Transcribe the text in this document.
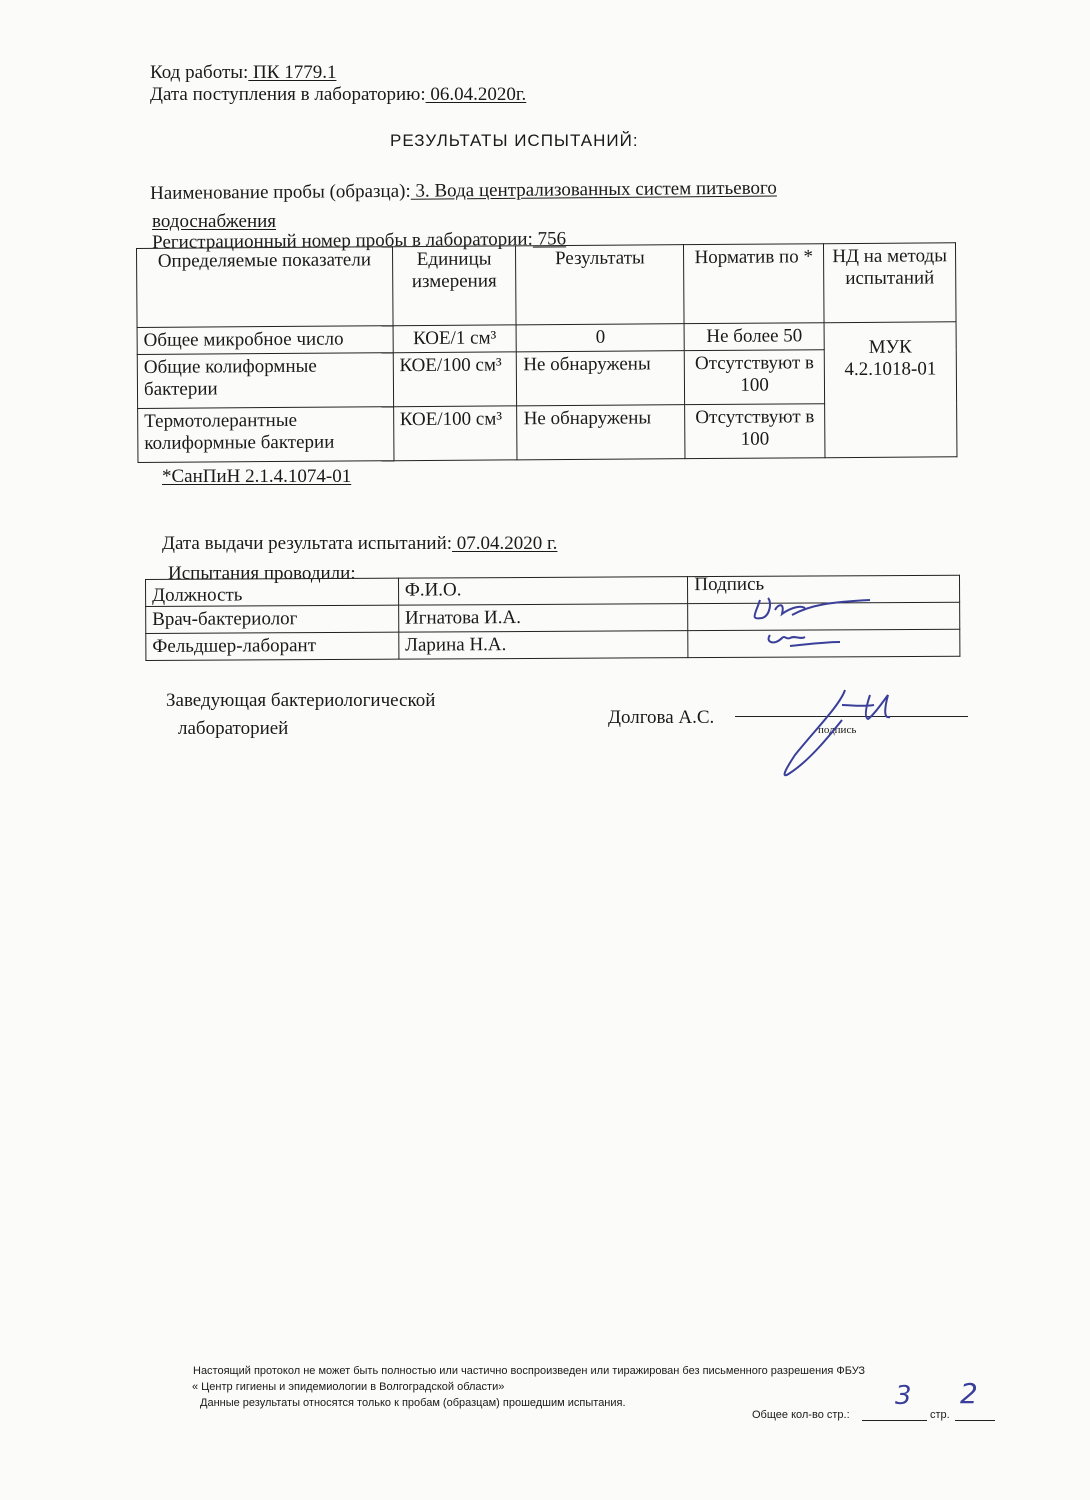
Код работы: ПК 1779.1
Дата поступления в лабораторию: 06.04.2020г.
РЕЗУЛЬТАТЫ ИСПЫТАНИЙ:
Наименование пробы (образца): 3. Вода централизованных систем питьевого
водоснабжения
Регистрационный номер пробы в лаборатории: 756
Определяемые показатели	Единицы измерения	Результаты	Норматив по *	НД на методы испытаний
Общее микробное число	КОЕ/1 см³	0	Не более 50	МУК 4.2.1018-01

Общие колиформные бактерии	КОЕ/100 см³	Не обнаружены	Отсутствуют в 100	
Термотолерантные колиформные бактерии	КОЕ/100 см³	Не обнаружены	Отсутствуют в 100	
*СанПиН 2.1.4.1074-01
Дата выдачи результата испытаний: 07.04.2020 г.
Испытания проводили:
Должность	Ф.И.О.	Подпись
Врач-бактериолог	Игнатова И.А.	
Фельдшер-лаборант	Ларина Н.А.	
Заведующая бактериологической
лабораторией
Долгова А.С.
подпись
Настоящий протокол не может быть полностью или частично воспроизведен или тиражирован без письменного разрешения ФБУЗ
« Центр гигиены и эпидемиологии в Волгоградской области»
Данные результаты относятся только к пробам (образцам) прошедшим испытания.
Общее кол-во стр.:
3
стр.
2
